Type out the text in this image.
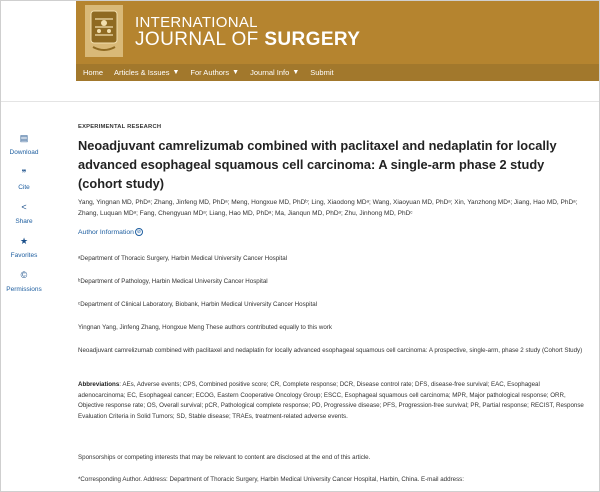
INTERNATIONAL
JOURNAL OF SURGERY
Home Articles & Issues ▼ For Authors ▼ Journal Info ▼ Submit
▤
Download
❞
Cite
<
Share
★
Favorites
©
Permissions
EXPERIMENTAL RESEARCH
Neoadjuvant camrelizumab combined with paclitaxel and nedaplatin for locally advanced esophageal squamous cell carcinoma: A single-arm phase 2 study (cohort study)
Yang, Yingnan MD, PhDᵃ; Zhang, Jinfeng MD, PhDᵃ; Meng, Hongxue MD, PhDᵇ; Ling, Xiaodong MDᵃ; Wang, Xiaoyuan MD, PhDᵃ; Xin, Yanzhong MDᵃ; Jiang, Hao MD, PhDᵃ; Zhang, Luquan MDᵃ; Fang, Chengyuan MDᵃ; Liang, Hao MD, PhDᵃ; Ma, Jianqun MD, PhDᵃ; Zhu, Jinhong MD, PhDᶜ
Author Information ⊘
ᵃDepartment of Thoracic Surgery, Harbin Medical University Cancer Hospital
ᵇDepartment of Pathology, Harbin Medical University Cancer Hospital
ᶜDepartment of Clinical Laboratory, Biobank, Harbin Medical University Cancer Hospital
Yingnan Yang, Jinfeng Zhang, Hongxue Meng These authors contributed equally to this work
Neoadjuvant camrelizumab combined with paclitaxel and nedaplatin for locally advanced esophageal squamous cell carcinoma: A prospective, single-arm, phase 2 study (Cohort Study)
Abbreviations: AEs, Adverse events; CPS, Combined positive score; CR, Complete response; DCR, Disease control rate; DFS, disease-free survival; EAC, Esophageal adenocarcinoma; EC, Esophageal cancer; ECOG, Eastern Cooperative Oncology Group; ESCC, Esophageal squamous cell carcinoma; MPR, Major pathological response; ORR, Objective response rate; OS, Overall survival; pCR, Pathological complete response; PD, Progressive disease; PFS, Progression-free survival; PR, Partial response; RECIST, Response Evaluation Criteria in Solid Tumors; SD, Stable disease; TRAEs, treatment-related adverse events.
Sponsorships or competing interests that may be relevant to content are disclosed at the end of this article.
*Corresponding Author. Address: Department of Thoracic Surgery, Harbin Medical University Cancer Hospital, Harbin, China. E-mail address:
